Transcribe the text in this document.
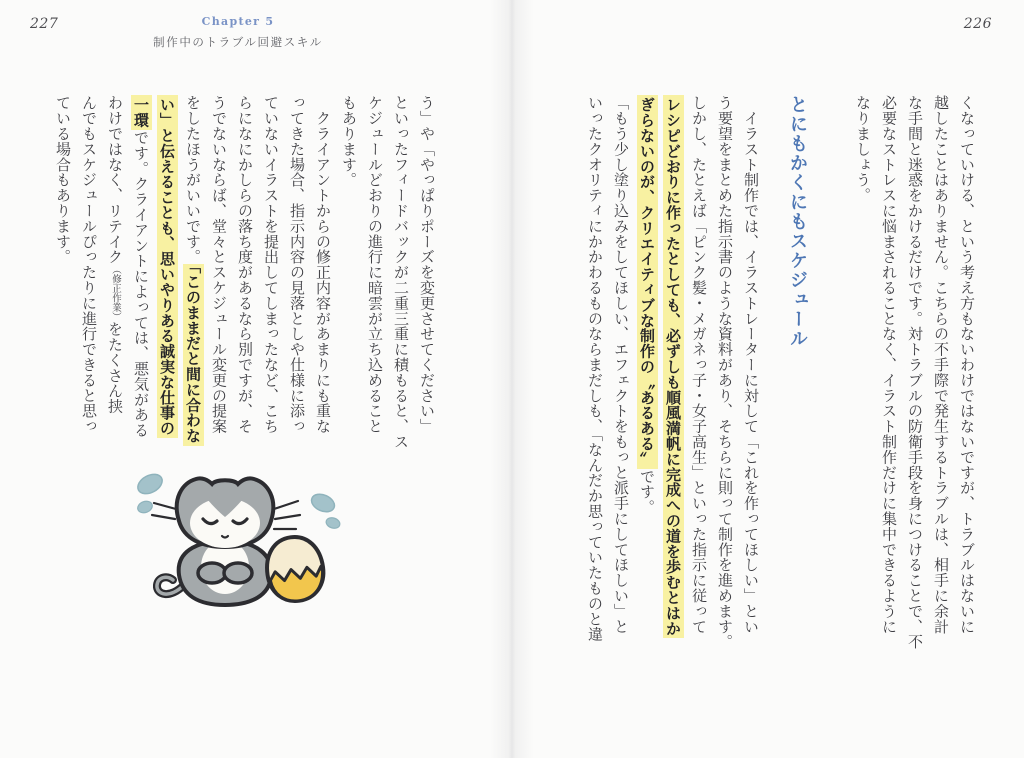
227	226
Chapter 5
制作中のトラブル回避スキル
くなっていける、という考え方もないわけではないですが、トラブルはないに
越したことはありません。こちらの不手際で発生するトラブルは、相手に余計
な手間と迷惑をかけるだけです。対トラブルの防衛手段を身につけることで、不
必要なストレスに悩まされることなく、イラスト制作だけに集中できるように
なりましょう。
とにもかくにもスケジュール
　イラスト制作では、イラストレーターに対して「これを作ってほしい」とい
う要望をまとめた指示書のような資料があり、そちらに則って制作を進めます。
しかし、たとえば「ピンク髪・メガネっ子・女子高生」といった指示に従って
レシピどおりに作ったとしても、必ずしも順風満帆に完成への道を歩むとはか
ぎらないのが、クリエイティブな制作の〝あるある〟です。
「もう少し塗り込みをしてほしい、エフェクトをもっと派手にしてほしい」と
いったクオリティにかかわるものならまだしも、「なんだか思っていたものと違
う」や「やっぱりポーズを変更させてください」
といったフィードバックが二重三重に積もると、ス
ケジュールどおりの進行に暗雲が立ち込めること
もあります。
　クライアントからの修正内容があまりにも重な
ってきた場合、指示内容の見落としや仕様に添っ
ていないイラストを提出してしまったなど、こち
らになにかしらの落ち度があるなら別ですが、そ
うでないならば、堂々とスケジュール変更の提案
をしたほうがいいです。「このままだと間に合わな
い」と伝えることも、思いやりある誠実な仕事の
一環です。クライアントによっては、悪気がある
わけではなく、リテイク（修正作業）をたくさん挟
んでもスケジュールぴったりに進行できると思っ
ている場合もあります。
